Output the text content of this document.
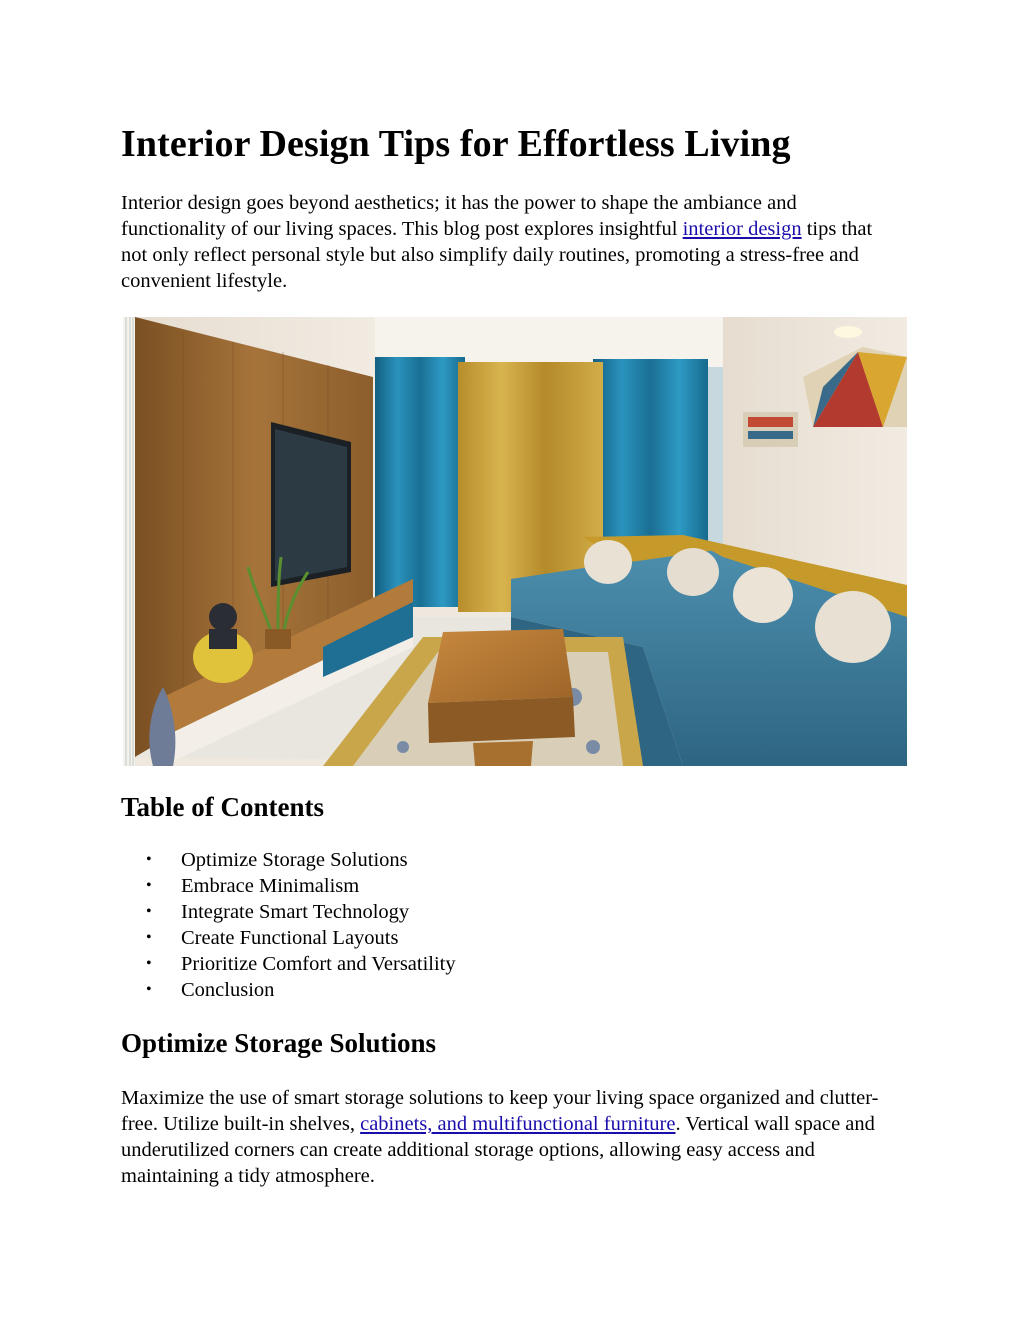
Interior Design Tips for Effortless Living

Interior design goes beyond aesthetics; it has the power to shape the ambiance and functionality of our living spaces. This blog post explores insightful interior design tips that not only reflect personal style but also simplify daily routines, promoting a stress-free and convenient lifestyle.

Table of Contents
• Optimize Storage Solutions
• Embrace Minimalism
• Integrate Smart Technology
• Create Functional Layouts
• Prioritize Comfort and Versatility
• Conclusion
Optimize Storage Solutions

Maximize the use of smart storage solutions to keep your living space organized and clutter-free. Utilize built-in shelves, cabinets, and multifunctional furniture. Vertical wall space and underutilized corners can create additional storage options, allowing easy access and maintaining a tidy atmosphere.
